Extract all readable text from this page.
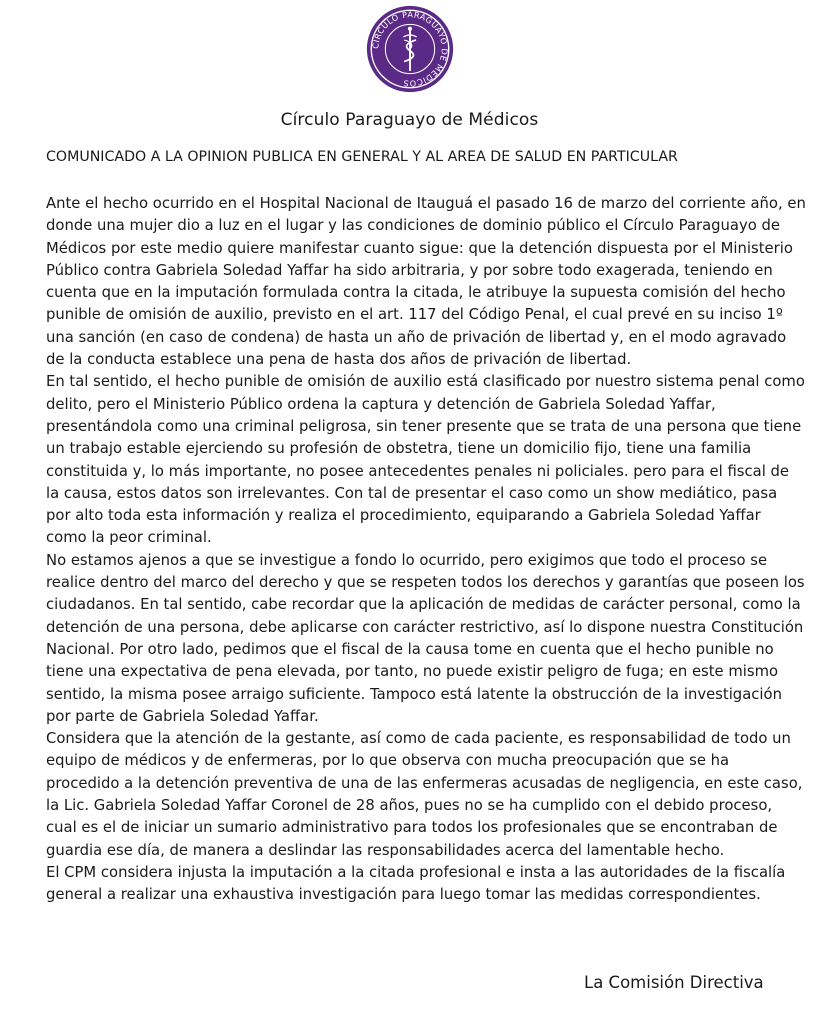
CÍRCULO PARAGUAYO DE MÉDICOS
Círculo Paraguayo de Médicos
COMUNICADO A LA OPINION PUBLICA EN GENERAL Y AL AREA DE SALUD EN PARTICULAR

Ante el hecho ocurrido en el Hospital Nacional de Itauguá el pasado 16 de marzo del corriente año, en donde una mujer dio a luz en el lugar y las condiciones de dominio público el Círculo Paraguayo de Médicos por este medio quiere manifestar cuanto sigue: que la detención dispuesta por el Ministerio Público contra Gabriela Soledad Yaffar ha sido arbitraria, y por sobre todo exagerada, teniendo en cuenta que en la imputación formulada contra la citada, le atribuye la supuesta comisión del hecho punible de omisión de auxilio, previsto en el art. 117 del Código Penal, el cual prevé en su inciso 1º una sanción (en caso de condena) de hasta un año de privación de libertad y, en el modo agravado de la conducta establece una pena de hasta dos años de privación de libertad.

En tal sentido, el hecho punible de omisión de auxilio está clasificado por nuestro sistema penal como delito, pero el Ministerio Público ordena la captura y detención de Gabriela Soledad Yaffar, presentándola como una criminal peligrosa, sin tener presente que se trata de una persona que tiene un trabajo estable ejerciendo su profesión de obstetra, tiene un domicilio fijo, tiene una familia constituida y, lo más importante, no posee antecedentes penales ni policiales. pero para el fiscal de la causa, estos datos son irrelevantes. Con tal de presentar el caso como un show mediático, pasa por alto toda esta información y realiza el procedimiento, equiparando a Gabriela Soledad Yaffar como la peor criminal.

No estamos ajenos a que se investigue a fondo lo ocurrido, pero exigimos que todo el proceso se realice dentro del marco del derecho y que se respeten todos los derechos y garantías que poseen los ciudadanos. En tal sentido, cabe recordar que la aplicación de medidas de carácter personal, como la detención de una persona, debe aplicarse con carácter restrictivo, así lo dispone nuestra Constitución Nacional. Por otro lado, pedimos que el fiscal de la causa tome en cuenta que el hecho punible no tiene una expectativa de pena elevada, por tanto, no puede existir peligro de fuga; en este mismo sentido, la misma posee arraigo suficiente. Tampoco está latente la obstrucción de la investigación por parte de Gabriela Soledad Yaffar.

Considera que la atención de la gestante, así como de cada paciente, es responsabilidad de todo un equipo de médicos y de enfermeras, por lo que observa con mucha preocupación que se ha procedido a la detención preventiva de una de las enfermeras acusadas de negligencia, en este caso, la Lic. Gabriela Soledad Yaffar Coronel de 28 años, pues no se ha cumplido con el debido proceso, cual es el de iniciar un sumario administrativo para todos los profesionales que se encontraban de guardia ese día, de manera a deslindar las responsabilidades acerca del lamentable hecho.

El CPM considera injusta la imputación a la citada profesional e insta a las autoridades de la fiscalía general a realizar una exhaustiva investigación para luego tomar las medidas correspondientes.

La Comisión Directiva
